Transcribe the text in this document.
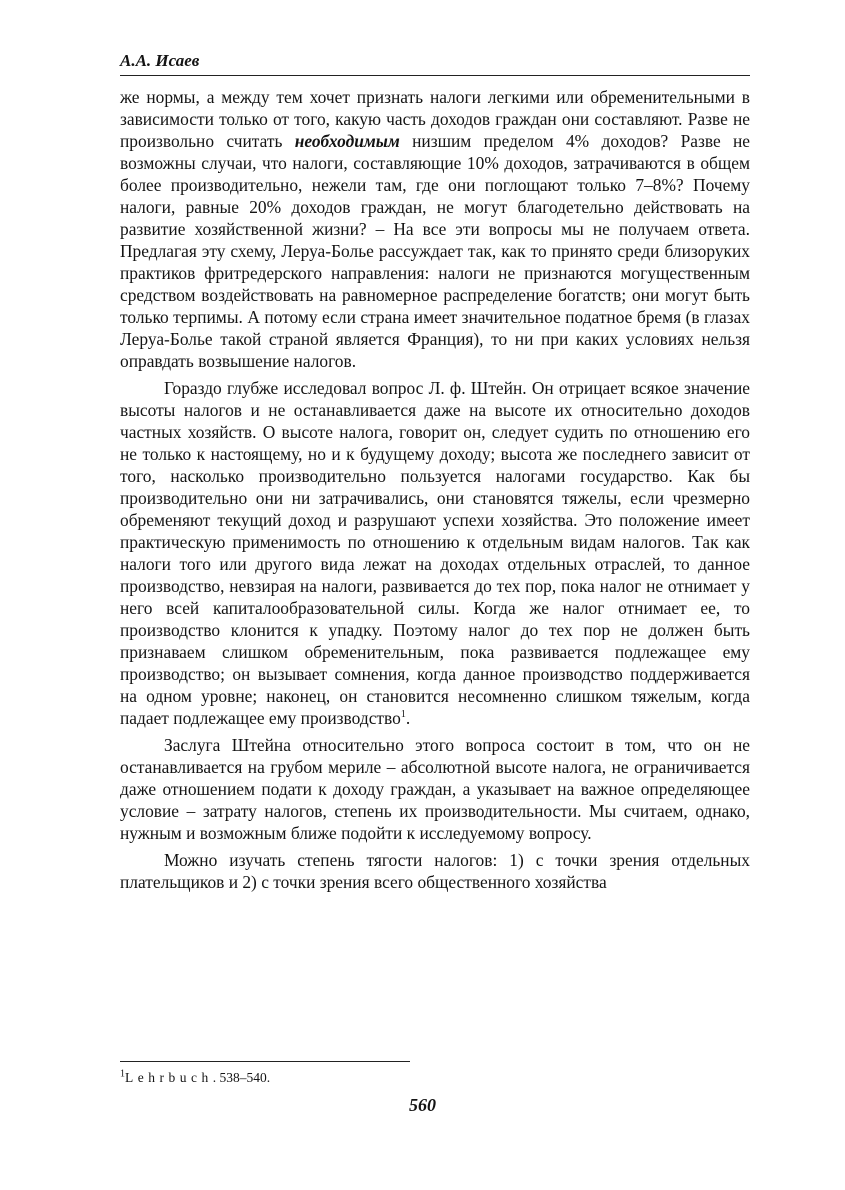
А.А. Исаев

же нормы, а между тем хочет признать налоги легкими или обременительными в зависимости только от того, какую часть доходов граждан они составляют. Разве не произвольно считать необходимым низшим пределом 4% доходов? Разве не возможны случаи, что налоги, составляющие 10% доходов, затрачиваются в общем более производительно, нежели там, где они поглощают только 7–8%? Почему налоги, равные 20% доходов граждан, не могут благодетельно действовать на развитие хозяйственной жизни? – На все эти вопросы мы не получаем ответа. Предлагая эту схему, Леруа-Болье рассуждает так, как то принято среди близоруких практиков фритредерского направления: налоги не признаются могущественным средством воздействовать на равномерное распределение богатств; они могут быть только терпимы. А потому если страна имеет значительное податное бремя (в глазах Леруа-Болье такой страной является Франция), то ни при каких условиях нельзя оправдать возвышение налогов.

Гораздо глубже исследовал вопрос Л. ф. Штейн. Он отрицает всякое значение высоты налогов и не останавливается даже на высоте их относительно доходов частных хозяйств. О высоте налога, говорит он, следует судить по отношению его не только к настоящему, но и к будущему доходу; высота же последнего зависит от того, насколько производительно пользуется налогами государство. Как бы производительно они ни затрачивались, они становятся тяжелы, если чрезмерно обременяют текущий доход и разрушают успехи хозяйства. Это положение имеет практическую применимость по отношению к отдельным видам налогов. Так как налоги того или другого вида лежат на доходах отдельных отраслей, то данное производство, невзирая на налоги, развивается до тех пор, пока налог не отнимает у него всей капиталообразовательной силы. Когда же налог отнимает ее, то производство клонится к упадку. Поэтому налог до тех пор не должен быть признаваем слишком обременительным, пока развивается подлежащее ему производство; он вызывает сомнения, когда данное производство поддерживается на одном уровне; наконец, он становится несомненно слишком тяжелым, когда падает подлежащее ему производство$^1$.

Заслуга Штейна относительно этого вопроса состоит в том, что он не останавливается на грубом мериле – абсолютной высоте налога, не ограничивается даже отношением подати к доходу граждан, а указывает на важное определяющее условие – затрату налогов, степень их производительности. Мы считаем, однако, нужным и возможным ближе подойти к исследуемому вопросу.

Можно изучать степень тягости налогов: 1) с точки зрения отдельных плательщиков и 2) с точки зрения всего общественного хозяйства

$^1$Lehrbuch. 538–540.
560
